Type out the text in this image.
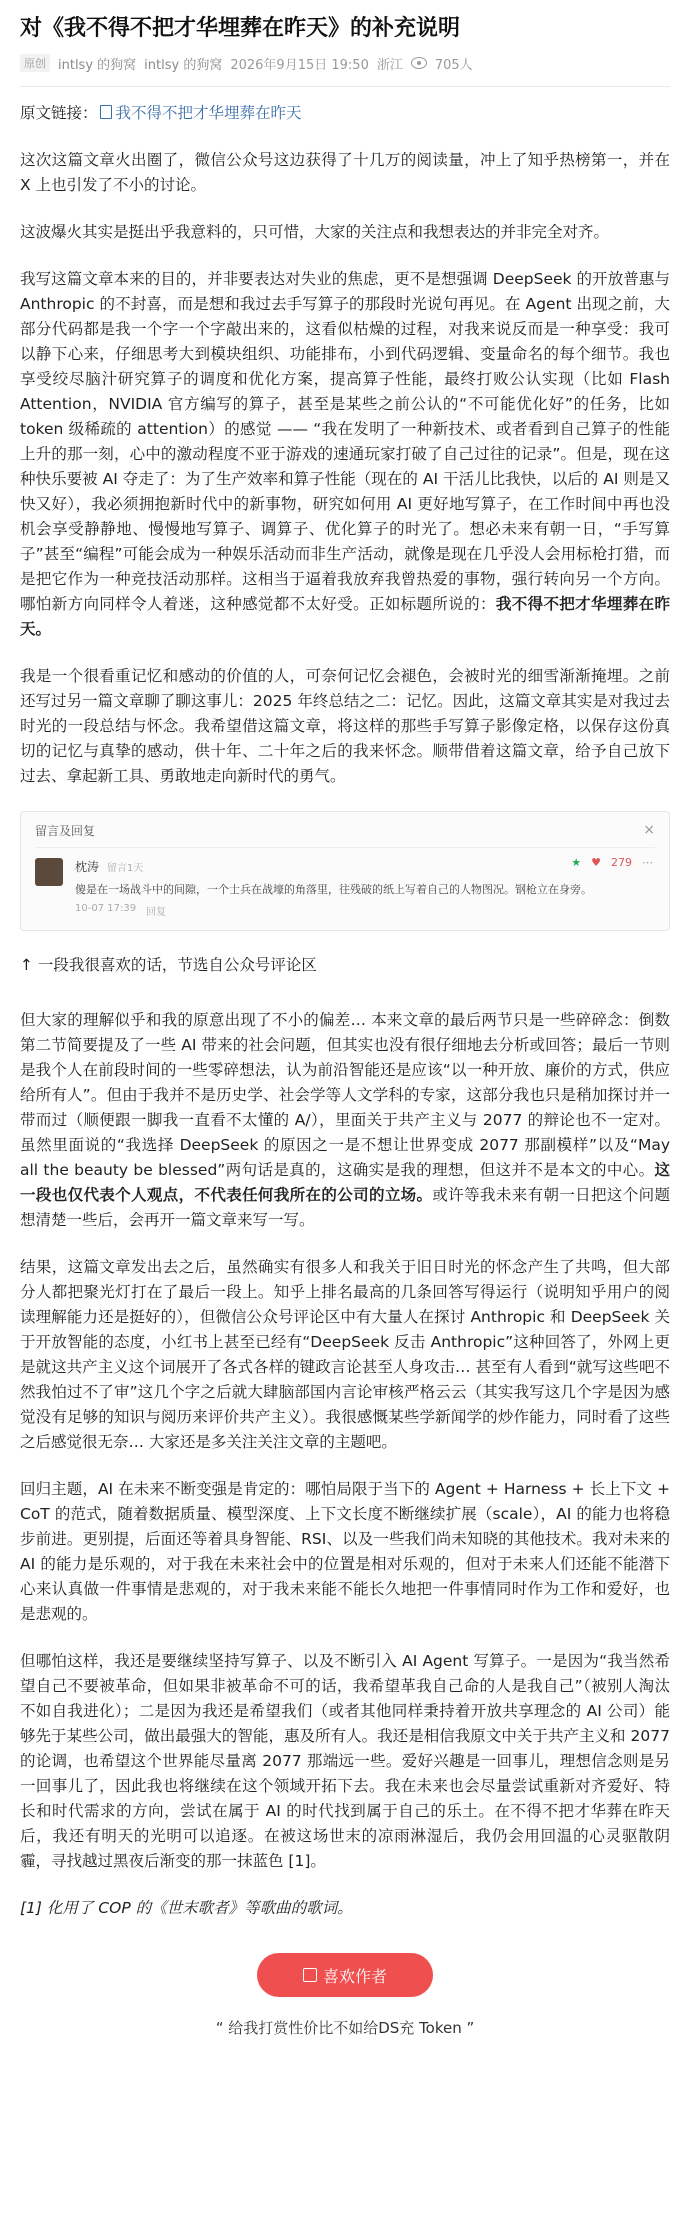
对《我不得不把才华埋葬在昨天》的补充说明
原创 intlsy 的狗窝 intlsy 的狗窝 2026年9月15日 19:50 浙江 705人
原文链接： 我不得不把才华埋葬在昨天

这次这篇文章火出圈了，微信公众号这边获得了十几万的阅读量，冲上了知乎热榜第一，并在 X 上也引发了不小的讨论。

这波爆火其实是挺出乎我意料的，只可惜，大家的关注点和我想表达的并非完全对齐。

我写这篇文章本来的目的，并非要表达对失业的焦虑，更不是想强调 DeepSeek 的开放普惠与 Anthropic 的不封喜，而是想和我过去手写算子的那段时光说句再见。在 Agent 出现之前，大部分代码都是我一个字一个字敲出来的，这看似枯燥的过程，对我来说反而是一种享受：我可以静下心来，仔细思考大到模块组织、功能排布，小到代码逻辑、变量命名的每个细节。我也享受绞尽脑汁研究算子的调度和优化方案，提高算子性能，最终打败公认实现（比如 Flash Attention，NVIDIA 官方编写的算子，甚至是某些之前公认的“不可能优化好”的任务，比如 token 级稀疏的 attention）的感觉 —— “我在发明了一种新技术、或者看到自己算子的性能上升的那一刻，心中的激动程度不亚于游戏的速通玩家打破了自己过往的记录”。但是，现在这种快乐要被 AI 夺走了：为了生产效率和算子性能（现在的 AI 干活儿比我快，以后的 AI 则是又快又好），我必须拥抱新时代中的新事物，研究如何用 AI 更好地写算子，在工作时间中再也没机会享受静静地、慢慢地写算子、调算子、优化算子的时光了。想必未来有朝一日，“手写算子”甚至“编程”可能会成为一种娱乐活动而非生产活动，就像是现在几乎没人会用标枪打猎，而是把它作为一种竞技活动那样。这相当于逼着我放弃我曾热爱的事物，强行转向另一个方向。哪怕新方向同样令人着迷，这种感觉都不太好受。正如标题所说的：我不得不把才华埋葬在昨天。

我是一个很看重记忆和感动的价值的人，可奈何记忆会褪色，会被时光的细雪渐渐掩埋。之前还写过另一篇文章聊了聊这事儿：2025 年终总结之二：记忆。因此，这篇文章其实是对我过去时光的一段总结与怀念。我希望借这篇文章，将这样的那些手写算子影像定格，以保存这份真切的记忆与真挚的感动，供十年、二十年之后的我来怀念。顺带借着这篇文章，给予自己放下过去、拿起新工具、勇敢地走向新时代的勇气。

留言及回复	×
枕涛 留言1天
傻是在一场战斗中的间隙，一个士兵在战壕的角落里，往残破的纸上写着自己的人物图况。钢枪立在身旁。
10-07 17:39 回复
★ ♥ 279 ⋯
↑ 一段我很喜欢的话，节选自公众号评论区

但大家的理解似乎和我的原意出现了不小的偏差… 本来文章的最后两节只是一些碎碎念：倒数第二节简要提及了一些 AI 带来的社会问题，但其实也没有很仔细地去分析或回答；最后一节则是我个人在前段时间的一些零碎想法，认为前沿智能还是应该“以一种开放、廉价的方式，供应给所有人”。但由于我并不是历史学、社会学等人文学科的专家，这部分我也只是稍加探讨并一带而过（顺便跟一脚我一直看不太懂的 A/），里面关于共产主义与 2077 的辩论也不一定对。虽然里面说的“我选择 DeepSeek 的原因之一是不想让世界变成 2077 那副模样”以及“May all the beauty be blessed”两句话是真的，这确实是我的理想，但这并不是本文的中心。这一段也仅代表个人观点，不代表任何我所在的公司的立场。或许等我未来有朝一日把这个问题想清楚一些后，会再开一篇文章来写一写。

结果，这篇文章发出去之后，虽然确实有很多人和我关于旧日时光的怀念产生了共鸣，但大部分人都把聚光灯打在了最后一段上。知乎上排名最高的几条回答写得运行（说明知乎用户的阅读理解能力还是挺好的），但微信公众号评论区中有大量人在探讨 Anthropic 和 DeepSeek 关于开放智能的态度，小红书上甚至已经有“DeepSeek 反击 Anthropic”这种回答了，外网上更是就这共产主义这个词展开了各式各样的键政言论甚至人身攻击… 甚至有人看到“就写这些吧不然我怕过不了审”这几个字之后就大肆脑部国内言论审核严格云云（其实我写这几个字是因为感觉没有足够的知识与阅历来评价共产主义）。我很感慨某些学新闻学的炒作能力，同时看了这些之后感觉很无奈… 大家还是多关注关注文章的主题吧。

回归主题，AI 在未来不断变强是肯定的：哪怕局限于当下的 Agent + Harness + 长上下文 + CoT 的范式，随着数据质量、模型深度、上下文长度不断继续扩展（scale），AI 的能力也将稳步前进。更别提，后面还等着具身智能、RSI、以及一些我们尚未知晓的其他技术。我对未来的 AI 的能力是乐观的，对于我在未来社会中的位置是相对乐观的，但对于未来人们还能不能潜下心来认真做一件事情是悲观的，对于我未来能不能长久地把一件事情同时作为工作和爱好，也是悲观的。

但哪怕这样，我还是要继续坚持写算子、以及不断引入 AI Agent 写算子。一是因为“我当然希望自己不要被革命，但如果非被革命不可的话，我希望革我自己命的人是我自己”（被别人淘汰不如自我进化）；二是因为我还是希望我们（或者其他同样秉持着开放共享理念的 AI 公司）能够先于某些公司，做出最强大的智能，惠及所有人。我还是相信我原文中关于共产主义和 2077 的论调，也希望这个世界能尽量离 2077 那端远一些。爱好兴趣是一回事儿，理想信念则是另一回事儿了，因此我也将继续在这个领域开拓下去。我在未来也会尽量尝试重新对齐爱好、特长和时代需求的方向，尝试在属于 AI 的时代找到属于自己的乐土。在不得不把才华葬在昨天后，我还有明天的光明可以追逐。在被这场世末的凉雨淋湿后，我仍会用回温的心灵驱散阴霾，寻找越过黑夜后渐变的那一抹蓝色 [1]。

[1] 化用了 COP 的《世末歌者》等歌曲的歌词。

喜欢作者
“ 给我打赏性价比不如给DS充 Token ”
